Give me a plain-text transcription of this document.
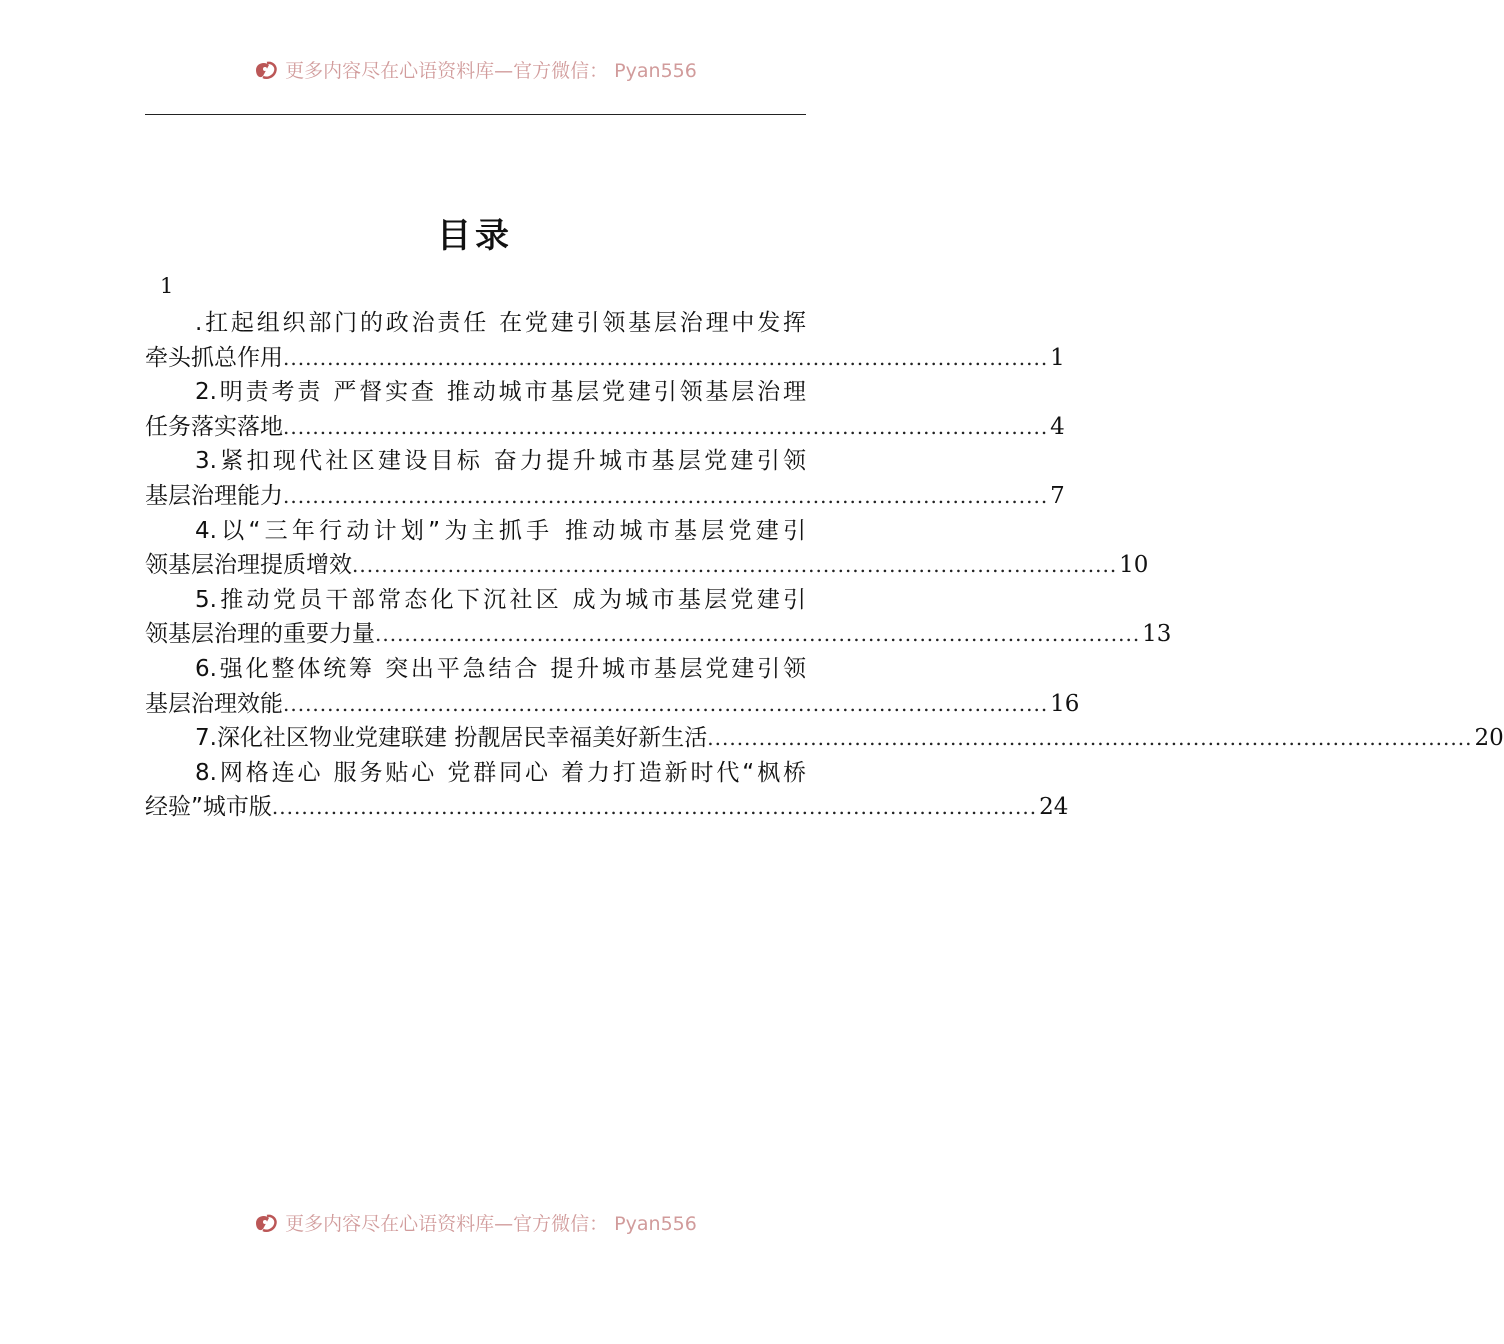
更多内容尽在心语资料库—官方微信： Pyan556
目录
1
.扛起组织部门的政治责任 在党建引领基层治理中发挥
牵头抓总作用 ........................................................................................................ 1
2.明责考责 严督实查 推动城市基层党建引领基层治理
任务落实落地 ........................................................................................................ 4
3.紧扣现代社区建设目标 奋力提升城市基层党建引领
基层治理能力 ........................................................................................................ 7
4.以“三年行动计划”为主抓手 推动城市基层党建引
领基层治理提质增效 ........................................................................................................ 10
5.推动党员干部常态化下沉社区 成为城市基层党建引
领基层治理的重要力量 ........................................................................................................ 13
6.强化整体统筹 突出平急结合 提升城市基层党建引领
基层治理效能 ........................................................................................................ 16
7.深化社区物业党建联建 扮靓居民幸福美好新生活 ........................................................................................................ 20
8.网格连心 服务贴心 党群同心 着力打造新时代“枫桥
经验”城市版 ........................................................................................................ 24
更多内容尽在心语资料库—官方微信： Pyan556
